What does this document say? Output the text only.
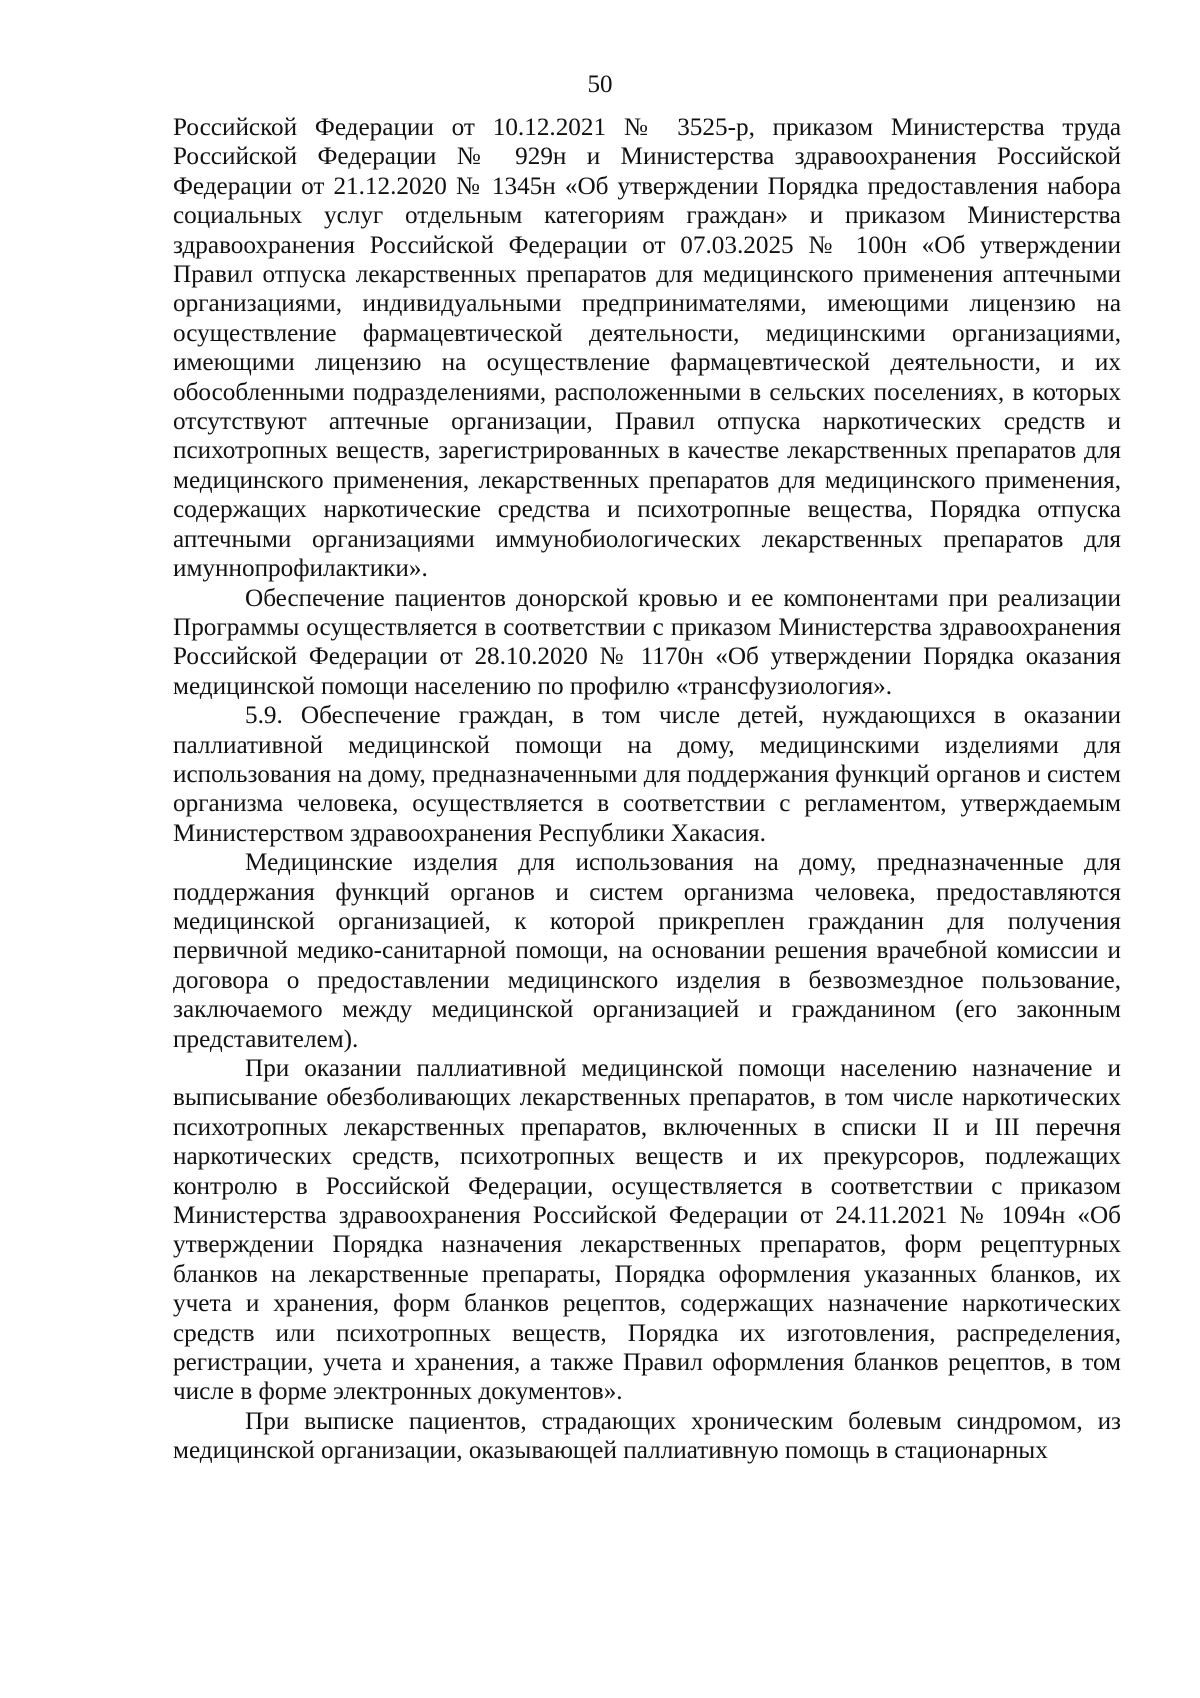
50

Российской Федерации от 10.12.2021 № 3525-р, приказом Министерства труда Российской Федерации № 929н и Министерства здравоохранения Российской Федерации от 21.12.2020 № 1345н «Об утверждении Порядка предоставления набора социальных услуг отдельным категориям граждан» и приказом Министерства здравоохранения Российской Федерации от 07.03.2025 № 100н «Об утверждении Правил отпуска лекарственных препаратов для медицинского применения аптечными организациями, индивидуальными предпринимателями, имеющими лицензию на осуществление фармацевтической деятельности, медицинскими организациями, имеющими лицензию на осуществление фармацевтической деятельности, и их обособленными подразделениями, расположенными в сельских поселениях, в которых отсутствуют аптечные организации, Правил отпуска наркотических средств и психотропных веществ, зарегистрированных в качестве лекарственных препаратов для медицинского применения, лекарственных препаратов для медицинского применения, содержащих наркотические средства и психотропные вещества, Порядка отпуска аптечными организациями иммунобиологических лекарственных препаратов для имуннопрофилактики».

Обеспечение пациентов донорской кровью и ее компонентами при реализации Программы осуществляется в соответствии с приказом Министерства здравоохранения Российской Федерации от 28.10.2020 № 1170н «Об утверждении Порядка оказания медицинской помощи населению по профилю «трансфузиология».

5.9. Обеспечение граждан, в том числе детей, нуждающихся в оказании паллиативной медицинской помощи на дому, медицинскими изделиями для использования на дому, предназначенными для поддержания функций органов и систем организма человека, осуществляется в соответствии с регламентом, утверждаемым Министерством здравоохранения Республики Хакасия.

Медицинские изделия для использования на дому, предназначенные для поддержания функций органов и систем организма человека, предоставляются медицинской организацией, к которой прикреплен гражданин для получения первичной медико-санитарной помощи, на основании решения врачебной комиссии и договора о предоставлении медицинского изделия в безвозмездное пользование, заключаемого между медицинской организацией и гражданином (его законным представителем).

При оказании паллиативной медицинской помощи населению назначение и выписывание обезболивающих лекарственных препаратов, в том числе наркотических психотропных лекарственных препаратов, включенных в списки II и III перечня наркотических средств, психотропных веществ и их прекурсоров, подлежащих контролю в Российской Федерации, осуществляется в соответствии с приказом Министерства здравоохранения Российской Федерации от 24.11.2021 № 1094н «Об утверждении Порядка назначения лекарственных препаратов, форм рецептурных бланков на лекарственные препараты, Порядка оформления указанных бланков, их учета и хранения, форм бланков рецептов, содержащих назначение наркотических средств или психотропных веществ, Порядка их изготовления, распределения, регистрации, учета и хранения, а также Правил оформления бланков рецептов, в том числе в форме электронных документов».

При выписке пациентов, страдающих хроническим болевым синдромом, из медицинской организации, оказывающей паллиативную помощь в стационарных
